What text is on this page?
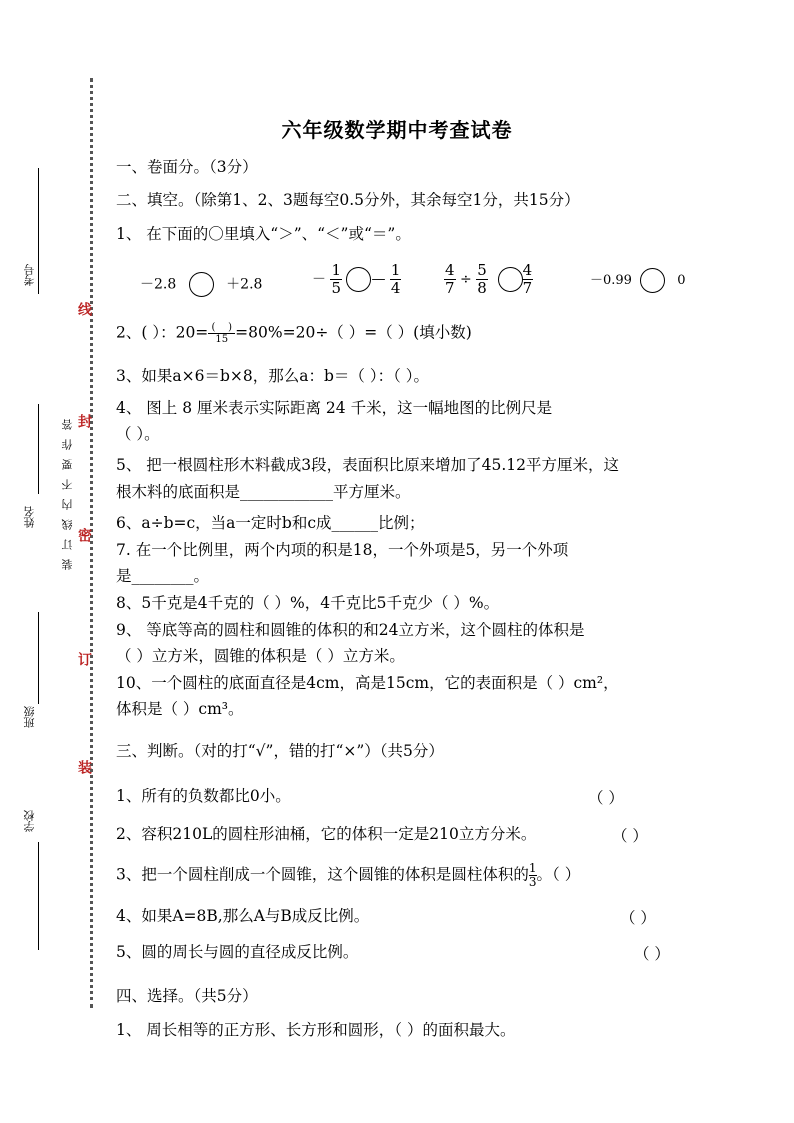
考号
姓名
班级
学校
线
封
密
订
装
装订线内不要作答
六年级数学期中考查试卷
一、卷面分。（3分）
二、填空。（除第1、2、3题每空0.5分外，其余每空1分，共15分）
1、 在下面的〇里填入“＞”、“＜”或“＝”。
－2.8	＋2.8	－ $\frac{1}{5}$ — $\frac{1}{4}$	$\frac{4}{7} \div \frac{5}{8}$
$\frac{4}{7}$	－0.99	0
2、( ）：20= (    )
15 =80%=20÷（ ）=（ ）(填小数)
3、如果a×6＝b×8，那么a：b＝（ ）：（ ）。
4、 图上 8 厘米表示实际距离 24 千米，这一幅地图的比例尺是
（ ）。
5、 把一根圆柱形木料截成3段，表面积比原来增加了45.12平方厘米，这
根木料的底面积是____________平方厘米。
6、a÷b=c，当a一定时b和c成______比例；
7. 在一个比例里，两个内项的积是18，一个外项是5，另一个外项
是________。
8、5千克是4千克的（ ）%，4千克比5千克少（ ）%。
9、 等底等高的圆柱和圆锥的体积的和24立方米，这个圆柱的体积是
（ ）立方米，圆锥的体积是（ ）立方米。
10、一个圆柱的底面直径是4cm，高是15cm，它的表面积是（ ）cm²，
体积是（ ）cm³。
三、判断。（对的打“√”，错的打“×”）（共5分）
1、所有的负数都比0小。	（ ）
2、容积210L的圆柱形油桶，它的体积一定是210立方分米。	（ ）
3、把一个圆柱削成一个圆锥，这个圆锥的体积是圆柱体积的 $\frac{1}{3}$ 。（ ）
4、如果A=8B,那么A与B成反比例。	（ ）
5、圆的周长与圆的直径成反比例。	（ ）
四、选择。（共5分）
1、 周长相等的正方形、长方形和圆形，（ ）的面积最大。
